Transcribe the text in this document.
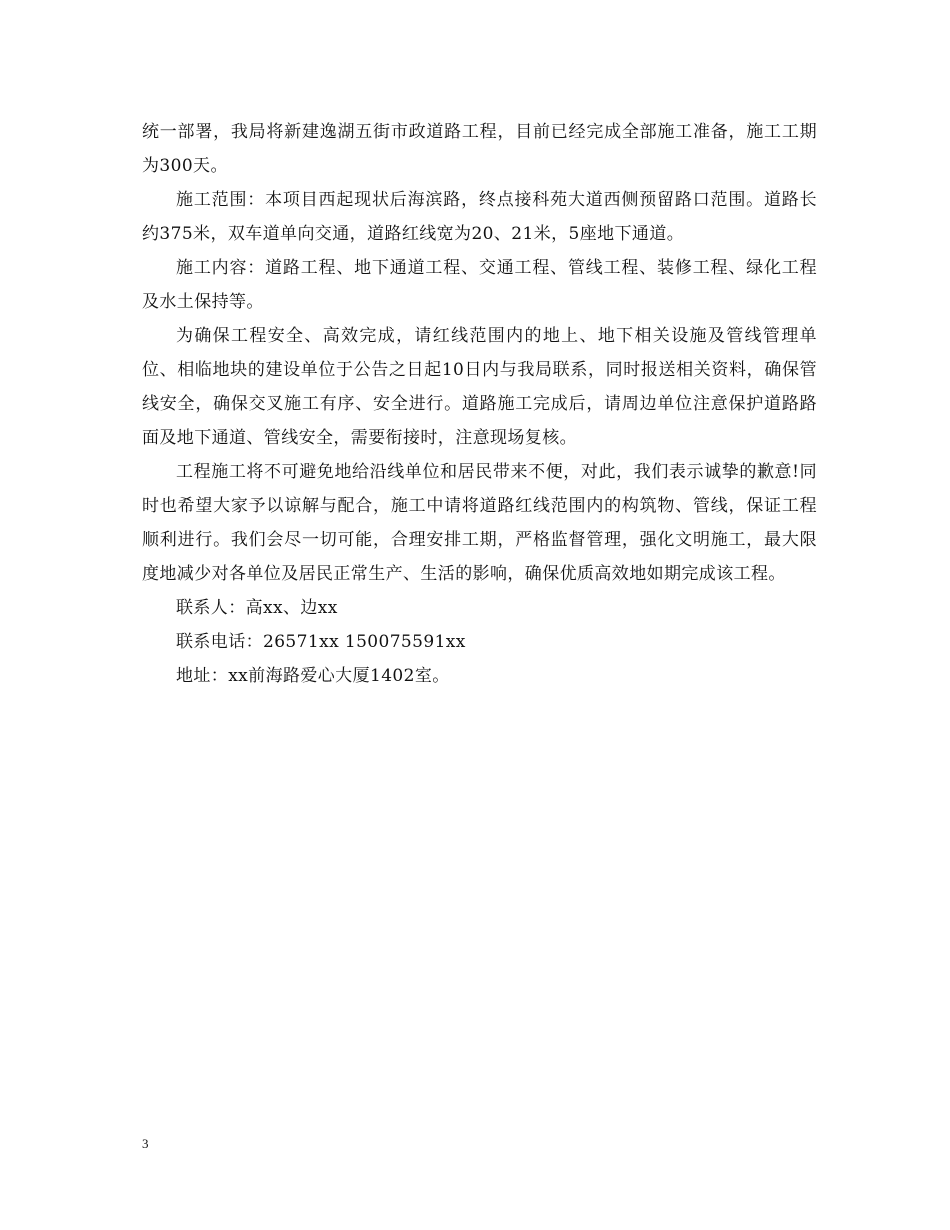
统一部署，我局将新建逸湖五街市政道路工程，目前已经完成全部施工准备，施工工期为300天。

施工范围：本项目西起现状后海滨路，终点接科苑大道西侧预留路口范围。道路长约375米，双车道单向交通，道路红线宽为20、21米，5座地下通道。

施工内容：道路工程、地下通道工程、交通工程、管线工程、装修工程、绿化工程及水土保持等。

为确保工程安全、高效完成，请红线范围内的地上、地下相关设施及管线管理单位、相临地块的建设单位于公告之日起10日内与我局联系，同时报送相关资料，确保管线安全，确保交叉施工有序、安全进行。道路施工完成后，请周边单位注意保护道路路面及地下通道、管线安全，需要衔接时，注意现场复核。

工程施工将不可避免地给沿线单位和居民带来不便，对此，我们表示诚挚的歉意!同时也希望大家予以谅解与配合，施工中请将道路红线范围内的构筑物、管线，保证工程顺利进行。我们会尽一切可能，合理安排工期，严格监督管理，强化文明施工，最大限度地减少对各单位及居民正常生产、生活的影响，确保优质高效地如期完成该工程。

联系人：高xx、边xx

联系电话：26571xx 150075591xx

地址：xx前海路爱心大厦1402室。

3
